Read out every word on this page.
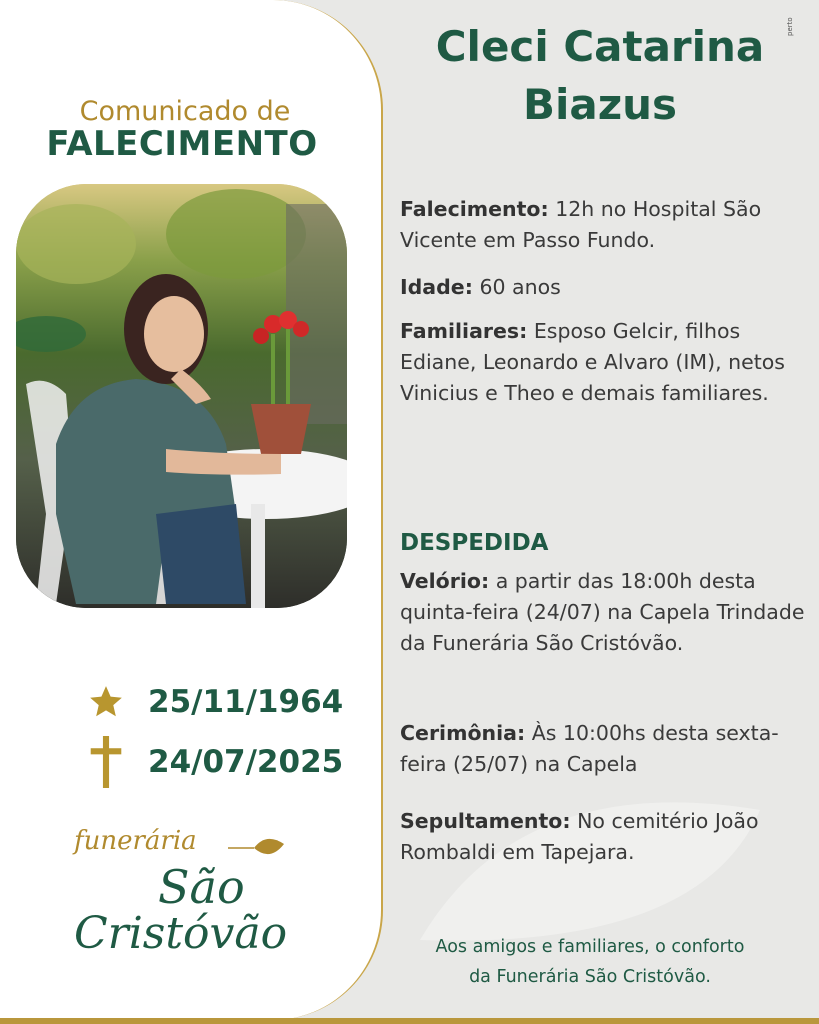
Comunicado de
FALECIMENTO
25/11/1964
24/07/2025
funerária
São
Cristóvão
perto
Cleci Catarina
Biazus
Falecimento: 12h no Hospital São Vicente em Passo Fundo.
Idade: 60 anos
Familiares: Esposo Gelcir, filhos Ediane, Leonardo e Alvaro (IM), netos Vinicius e Theo e demais familiares.
DESPEDIDA
Velório: a partir das 18:00h desta quinta-feira (24/07) na Capela Trindade da Funerária São Cristóvão.
Cerimônia: Às 10:00hs desta sexta-feira (25/07) na Capela
Sepultamento: No cemitério João Rombaldi em Tapejara.
Aos amigos e familiares, o conforto
da Funerária São Cristóvão.
